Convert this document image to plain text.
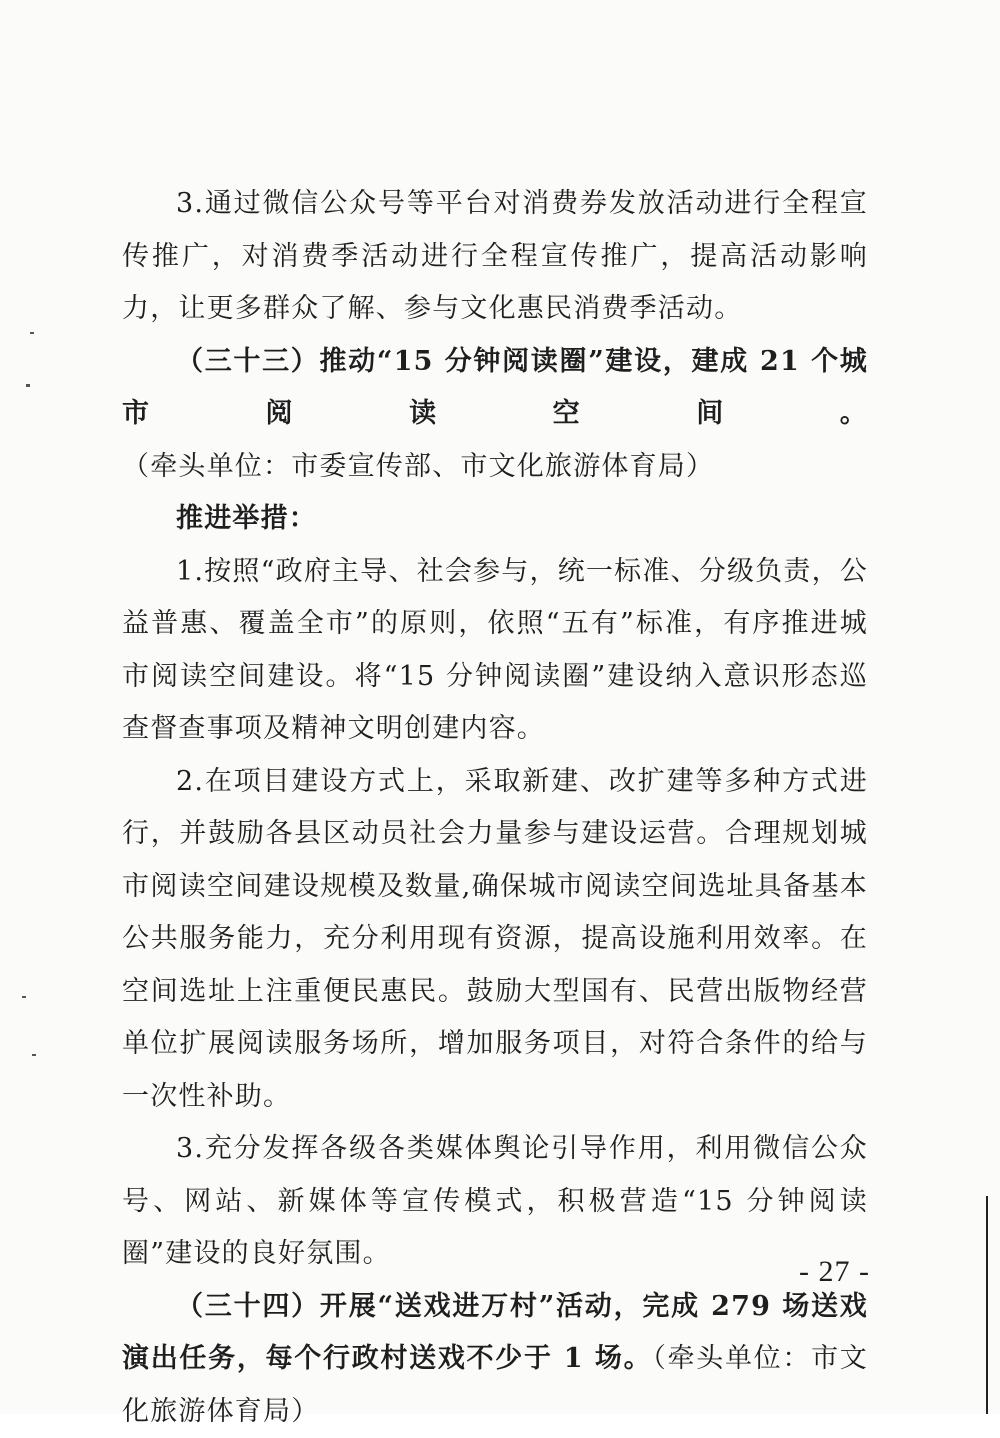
3.通过微信公众号等平台对消费券发放活动进行全程宣传推广，对消费季活动进行全程宣传推广，提高活动影响力，让更多群众了解、参与文化惠民消费季活动。

（三十三）推动“15 分钟阅读圈”建设，建成 21 个城市阅读空间。（牵头单位：市委宣传部、市文化旅游体育局）

推进举措：

1.按照“政府主导、社会参与，统一标准、分级负责，公益普惠、覆盖全市”的原则，依照“五有”标准，有序推进城市阅读空间建设。将“15 分钟阅读圈”建设纳入意识形态巡查督查事项及精神文明创建内容。

2.在项目建设方式上，采取新建、改扩建等多种方式进行，并鼓励各县区动员社会力量参与建设运营。合理规划城市阅读空间建设规模及数量,确保城市阅读空间选址具备基本公共服务能力，充分利用现有资源，提高设施利用效率。在空间选址上注重便民惠民。鼓励大型国有、民营出版物经营单位扩展阅读服务场所，增加服务项目，对符合条件的给与一次性补助。

3.充分发挥各级各类媒体舆论引导作用，利用微信公众号、网站、新媒体等宣传模式，积极营造“15 分钟阅读圈”建设的良好氛围。

（三十四）开展“送戏进万村”活动，完成 279 场送戏演出任务，每个行政村送戏不少于 1 场。（牵头单位：市文化旅游体育局）

- 27 -
